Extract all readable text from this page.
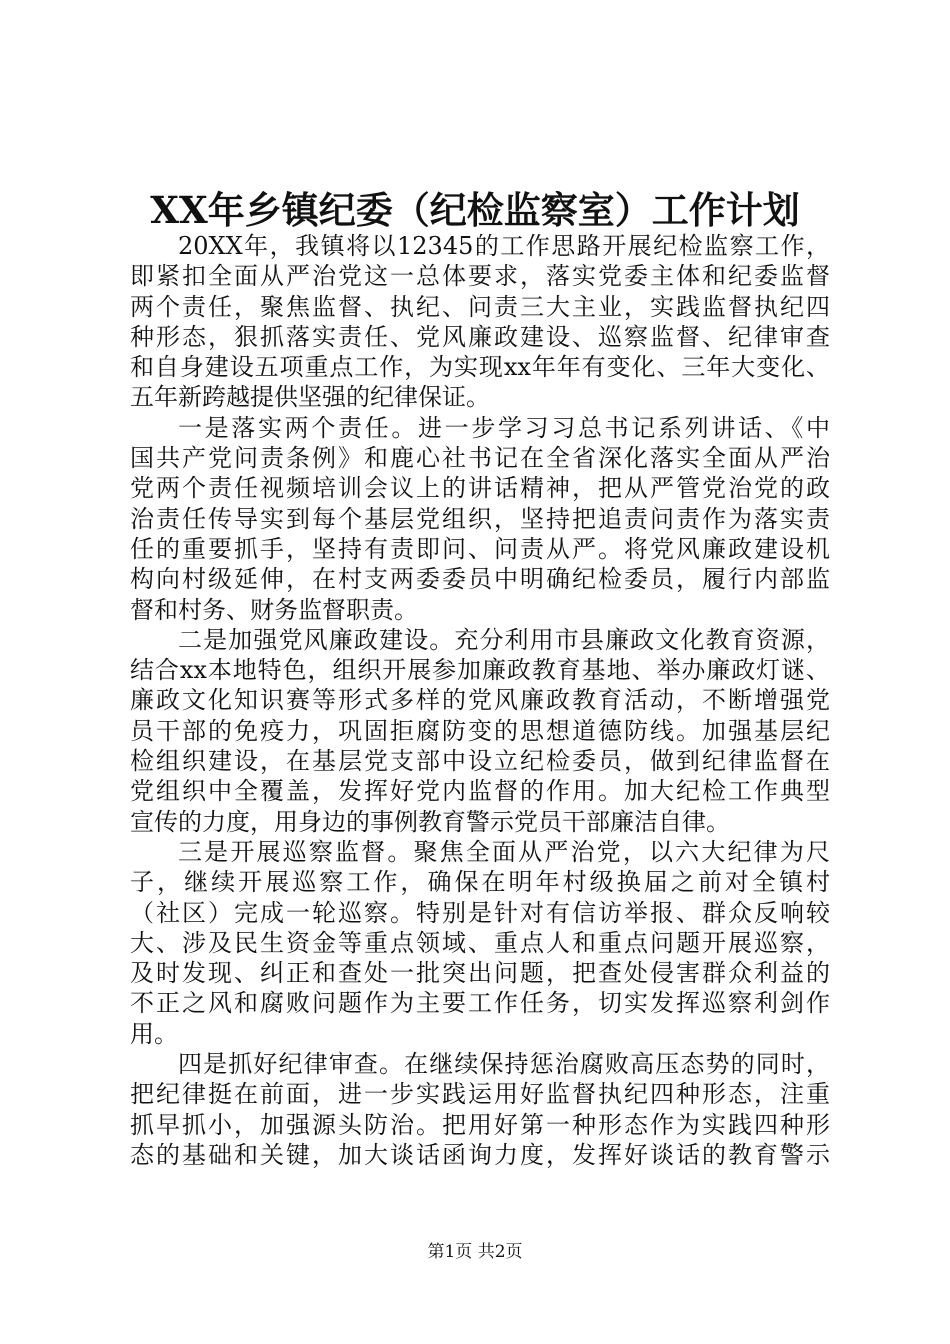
XX年乡镇纪委（纪检监察室）工作计划
20XX年，我镇将以12345的工作思路开展纪检监察工作，
即紧扣全面从严治党这一总体要求，落实党委主体和纪委监督
两个责任，聚焦监督、执纪、问责三大主业，实践监督执纪四
种形态，狠抓落实责任、党风廉政建设、巡察监督、纪律审查
和自身建设五项重点工作，为实现xx年年有变化、三年大变化、
五年新跨越提供坚强的纪律保证。
一是落实两个责任。进一步学习习总书记系列讲话、《中
国共产党问责条例》和鹿心社书记在全省深化落实全面从严治
党两个责任视频培训会议上的讲话精神，把从严管党治党的政
治责任传导实到每个基层党组织，坚持把追责问责作为落实责
任的重要抓手，坚持有责即问、问责从严。将党风廉政建设机
构向村级延伸，在村支两委委员中明确纪检委员，履行内部监
督和村务、财务监督职责。
二是加强党风廉政建设。充分利用市县廉政文化教育资源，
结合xx本地特色，组织开展参加廉政教育基地、举办廉政灯谜、
廉政文化知识赛等形式多样的党风廉政教育活动，不断增强党
员干部的免疫力，巩固拒腐防变的思想道德防线。加强基层纪
检组织建设，在基层党支部中设立纪检委员，做到纪律监督在
党组织中全覆盖，发挥好党内监督的作用。加大纪检工作典型
宣传的力度，用身边的事例教育警示党员干部廉洁自律。
三是开展巡察监督。聚焦全面从严治党，以六大纪律为尺
子，继续开展巡察工作，确保在明年村级换届之前对全镇村
（社区）完成一轮巡察。特别是针对有信访举报、群众反响较
大、涉及民生资金等重点领域、重点人和重点问题开展巡察，
及时发现、纠正和查处一批突出问题，把查处侵害群众利益的
不正之风和腐败问题作为主要工作任务，切实发挥巡察利剑作
用。
四是抓好纪律审查。在继续保持惩治腐败高压态势的同时，
把纪律挺在前面，进一步实践运用好监督执纪四种形态，注重
抓早抓小，加强源头防治。把用好第一种形态作为实践四种形
态的基础和关键，加大谈话函询力度，发挥好谈话的教育警示
第1页 共2页
